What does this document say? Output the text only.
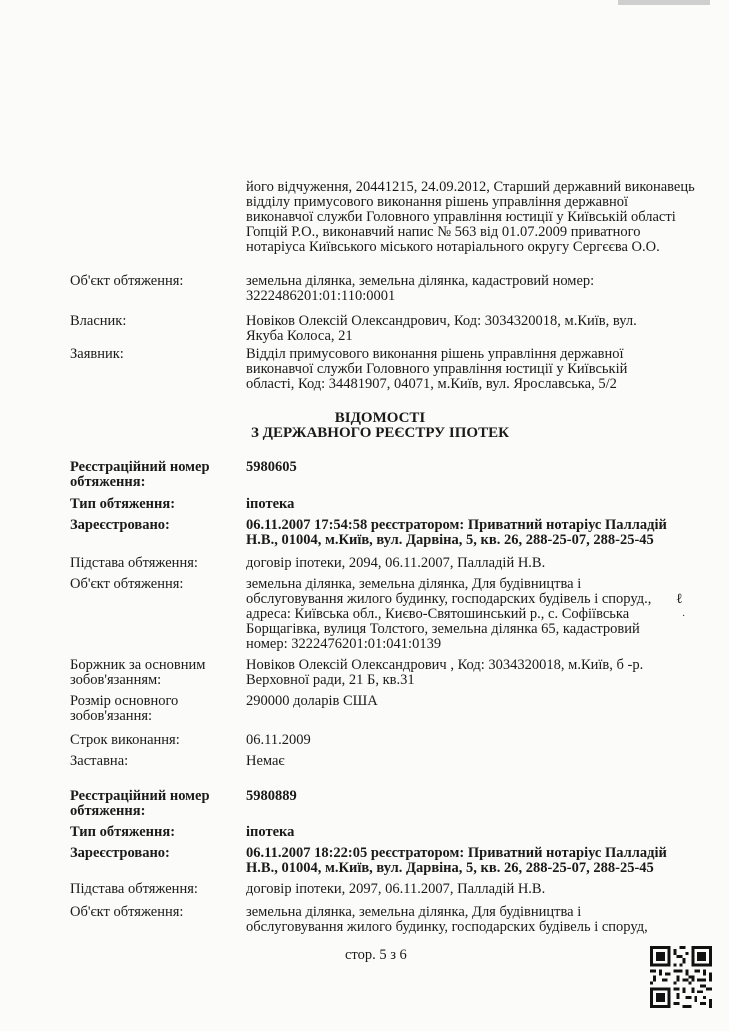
його відчуження, 20441215, 24.09.2012, Старший державний виконавець відділу примусового виконання рішень управління державної виконавчої служби Головного управління юстиції у Київській області Гопцій Р.О., виконавчий напис № 563 від 01.07.2009 приватного нотаріуса Київського міського нотаріального округу Сергєєва О.О.
Об'єкт обтяження:	земельна ділянка, земельна ділянка, кадастровий номер: 3222486201:01:110:0001
Власник:	Новіков Олексій Олександрович, Код: 3034320018, м.Київ, вул. Якуба Колоса, 21
Заявник:	Відділ примусового виконання рішень управління державної виконавчої служби Головного управління юстиції у Київській області, Код: 34481907, 04071, м.Київ, вул. Ярославська, 5/2
ВІДОМОСТІ
З ДЕРЖАВНОГО РЕЄСТРУ ІПОТЕК
Реєстраційний номер обтяження:
5980605
Тип обтяження:	іпотека
Зареєстровано:	06.11.2007 17:54:58 реєстратором: Приватний нотаріус Палладій Н.В., 01004, м.Київ, вул. Дарвіна, 5, кв. 26, 288-25-07, 288-25-45
Підстава обтяження:	договір іпотеки, 2094, 06.11.2007, Палладій Н.В.
Об'єкт обтяження:	земельна ділянка, земельна ділянка, Для будівництва і обслуговування жилого будинку, господарских будівель і споруд., адреса: Київська обл., Києво-Святошинський р., с. Софіївська Борщагівка, вулиця Толстого, земельна ділянка 65, кадастровий номер: 3222476201:01:041:0139
Боржник за основним зобов'язанням:
Новіков Олексій Олександрович , Код: 3034320018, м.Київ, б -р. Верховної ради, 21 Б, кв.31
Розмір основного зобов'язання:
290000 доларів США
Строк виконання:	06.11.2009
Заставна:	Немає
Реєстраційний номер обтяження:
5980889
Тип обтяження:	іпотека
Зареєстровано:	06.11.2007 18:22:05 реєстратором: Приватний нотаріус Палладій Н.В., 01004, м.Київ, вул. Дарвіна, 5, кв. 26, 288-25-07, 288-25-45
Підстава обтяження:	договір іпотеки, 2097, 06.11.2007, Палладій Н.В.
Об'єкт обтяження:	земельна ділянка, земельна ділянка, Для будівництва і обслуговування жилого будинку, господарских будівель і споруд,
стор. 5 з 6
ℓ
·
